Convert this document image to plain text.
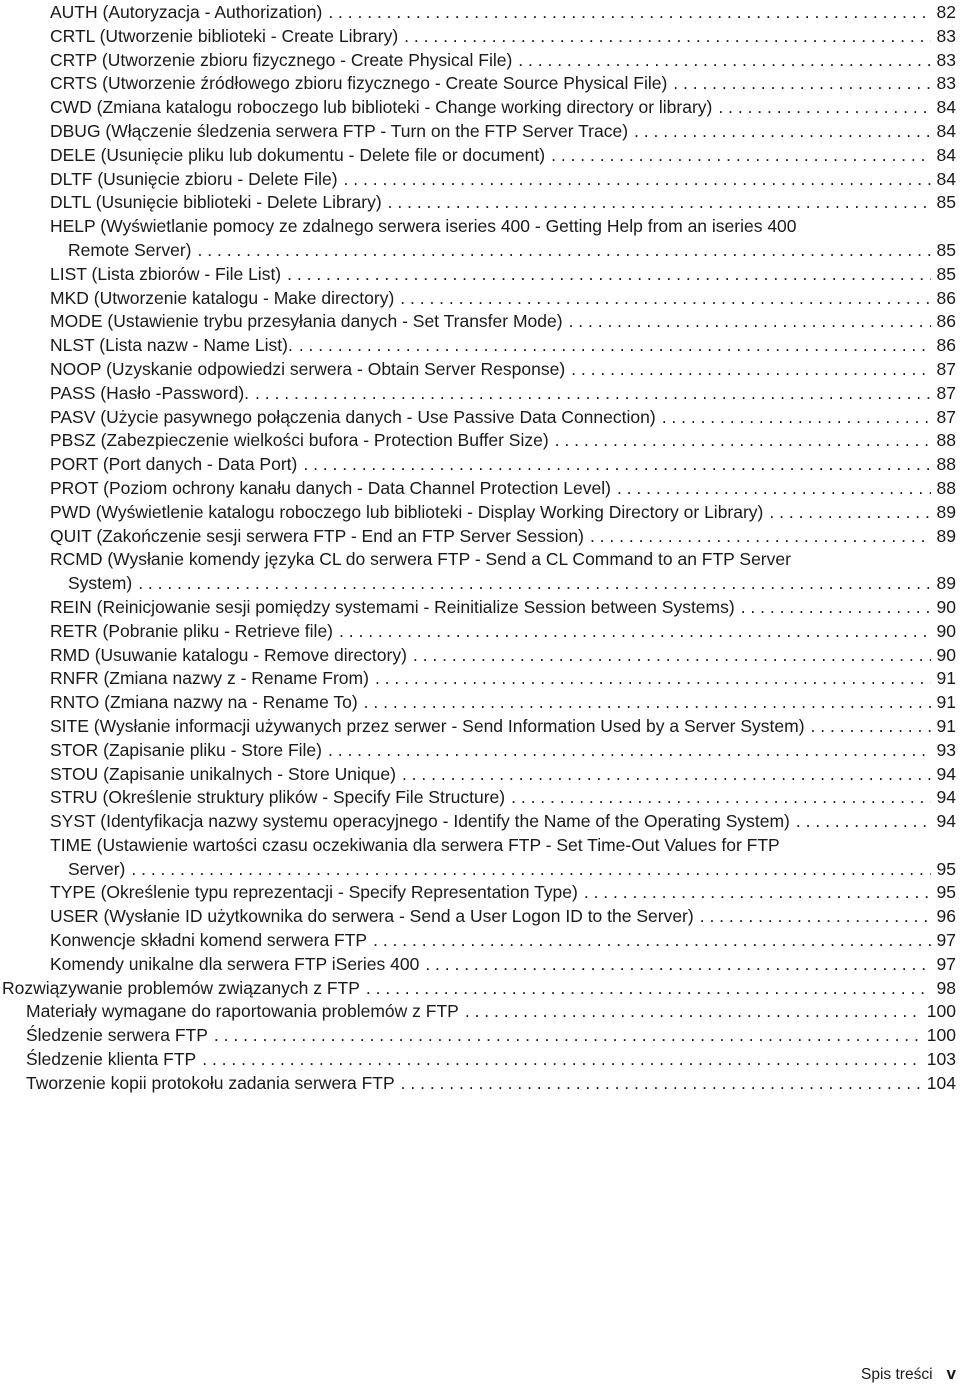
AUTH (Autoryzacja - Authorization) . . .	82
CRTL (Utworzenie biblioteki - Create Library) . . .	83
CRTP (Utworzenie zbioru fizycznego - Create Physical File) . . .	83
CRTS (Utworzenie źródłowego zbioru fizycznego - Create Source Physical File) . . .	83
CWD (Zmiana katalogu roboczego lub biblioteki - Change working directory or library) . . .	84
DBUG (Włączenie śledzenia serwera FTP - Turn on the FTP Server Trace) . . .	84
DELE (Usunięcie pliku lub dokumentu - Delete file or document) . . .	84
DLTF (Usunięcie zbioru - Delete File) . . .	84
DLTL (Usunięcie biblioteki - Delete Library) . . .	85
HELP (Wyświetlanie pomocy ze zdalnego serwera iseries 400 - Getting Help from an iseries 400
Remote Server) . . .	85
LIST (Lista zbiorów - File List) . . .	85
MKD (Utworzenie katalogu - Make directory) . . .	86
MODE (Ustawienie trybu przesyłania danych - Set Transfer Mode) . . .	86
NLST (Lista nazw - Name List). . . .	86
NOOP (Uzyskanie odpowiedzi serwera - Obtain Server Response) . . .	87
PASS (Hasło -Password). . . .	87
PASV (Użycie pasywnego połączenia danych - Use Passive Data Connection) . . .	87
PBSZ (Zabezpieczenie wielkości bufora - Protection Buffer Size) . . .	88
PORT (Port danych - Data Port) . . .	88
PROT (Poziom ochrony kanału danych - Data Channel Protection Level) . . .	88
PWD (Wyświetlenie katalogu roboczego lub biblioteki - Display Working Directory or Library) . . .	89
QUIT (Zakończenie sesji serwera FTP - End an FTP Server Session) . . .	89
RCMD (Wysłanie komendy języka CL do serwera FTP - Send a CL Command to an FTP Server
System) . . .	89
REIN (Reinicjowanie sesji pomiędzy systemami - Reinitialize Session between Systems) . . .	90
RETR (Pobranie pliku - Retrieve file) . . .	90
RMD (Usuwanie katalogu - Remove directory) . . .	90
RNFR (Zmiana nazwy z - Rename From) . . .	91
RNTO (Zmiana nazwy na - Rename To) . . .	91
SITE (Wysłanie informacji używanych przez serwer - Send Information Used by a Server System) . . .	91
STOR (Zapisanie pliku - Store File) . . .	93
STOU (Zapisanie unikalnych - Store Unique) . . .	94
STRU (Określenie struktury plików - Specify File Structure) . . .	94
SYST (Identyfikacja nazwy systemu operacyjnego - Identify the Name of the Operating System) . . .	94
TIME (Ustawienie wartości czasu oczekiwania dla serwera FTP - Set Time-Out Values for FTP
Server) . . .	95
TYPE (Określenie typu reprezentacji - Specify Representation Type) . . .	95
USER (Wysłanie ID użytkownika do serwera - Send a User Logon ID to the Server) . . .	96
Konwencje składni komend serwera FTP . . .	97
Komendy unikalne dla serwera FTP iSeries 400 . . .	97
Rozwiązywanie problemów związanych z FTP . . .	98
Materiały wymagane do raportowania problemów z FTP . . .	100
Śledzenie serwera FTP . . .	100
Śledzenie klienta FTP . . .	103
Tworzenie kopii protokołu zadania serwera FTP . . .	104
Spis treści v
